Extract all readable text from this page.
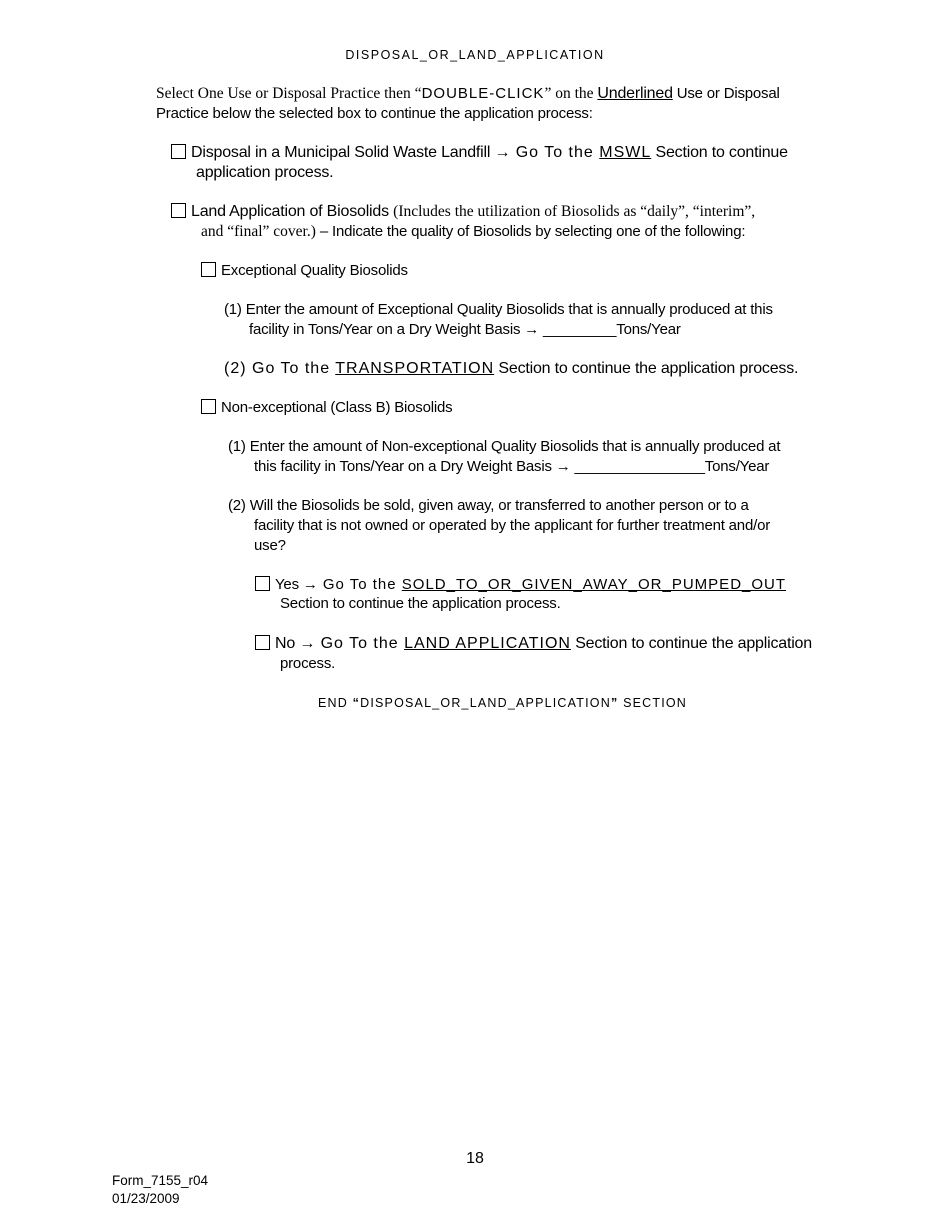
DISPOSAL_OR_LAND_APPLICATION
Select One Use or Disposal Practice then “DOUBLE-CLICK” on the Underlined Use or Disposal
Practice below the selected box to continue the application process:
Disposal in a Municipal Solid Waste Landfill → Go To the MSWL Section to continue
application process.
Land Application of Biosolids (Includes the utilization of Biosolids as “daily”, “interim”,
and “final” cover.) – Indicate the quality of Biosolids by selecting one of the following:
Exceptional Quality Biosolids
(1) Enter the amount of Exceptional Quality Biosolids that is annually produced at this
facility in Tons/Year on a Dry Weight Basis → _________Tons/Year
(2) Go To the TRANSPORTATION Section to continue the application process.
Non-exceptional (Class B) Biosolids
(1) Enter the amount of Non-exceptional Quality Biosolids that is annually produced at
this facility in Tons/Year on a Dry Weight Basis → ________________Tons/Year
(2) Will the Biosolids be sold, given away, or transferred to another person or to a
facility that is not owned or operated by the applicant for further treatment and/or
use?
Yes → Go To the SOLD_TO_OR_GIVEN_AWAY_OR_PUMPED_OUT
Section to continue the application process.
No → Go To the LAND APPLICATION Section to continue the application
process.
END “DISPOSAL_OR_LAND_APPLICATION” SECTION
18
Form_7155_r04
01/23/2009
